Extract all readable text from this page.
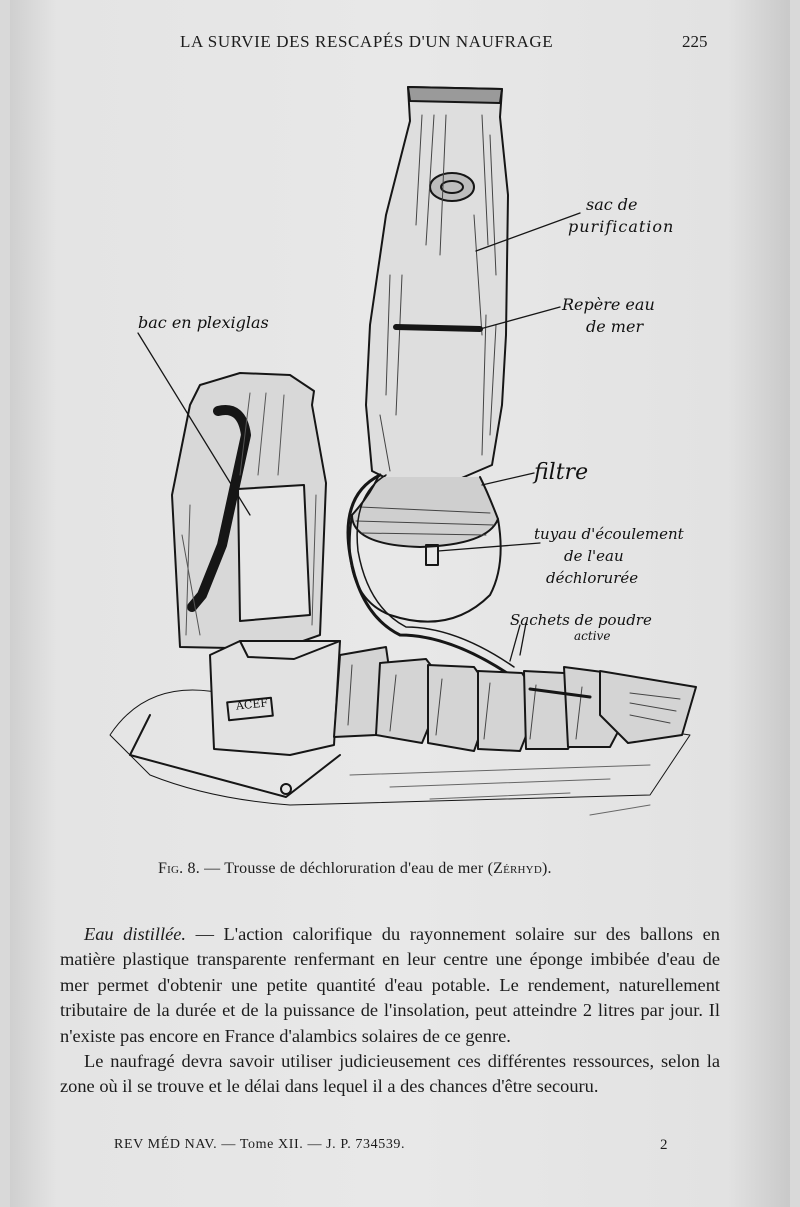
LA SURVIE DES RESCAPÉS D'UN NAUFRAGE	225
sac de
purification
Repère eau
de mer
bac en plexiglas
filtre
tuyau d'écoulement
de l'eau
déchlorurée
Sachets de poudre
active
ACEF
Fig. 8. — Trousse de déchloruration d'eau de mer (Zérhyd).

Eau distillée. — L'action calorifique du rayonnement solaire sur des ballons en matière plastique transparente renfermant en leur centre une éponge imbibée d'eau de mer permet d'obtenir une petite quantité d'eau potable. Le rendement, naturellement tributaire de la durée et de la puissance de l'insolation, peut atteindre 2 litres par jour. Il n'existe pas encore en France d'alambics solaires de ce genre.

Le naufragé devra savoir utiliser judicieusement ces différentes ressources, selon la zone où il se trouve et le délai dans lequel il a des chances d'être secouru.

REV MÉD NAV. — Tome XII. — J. P. 734539.	2
